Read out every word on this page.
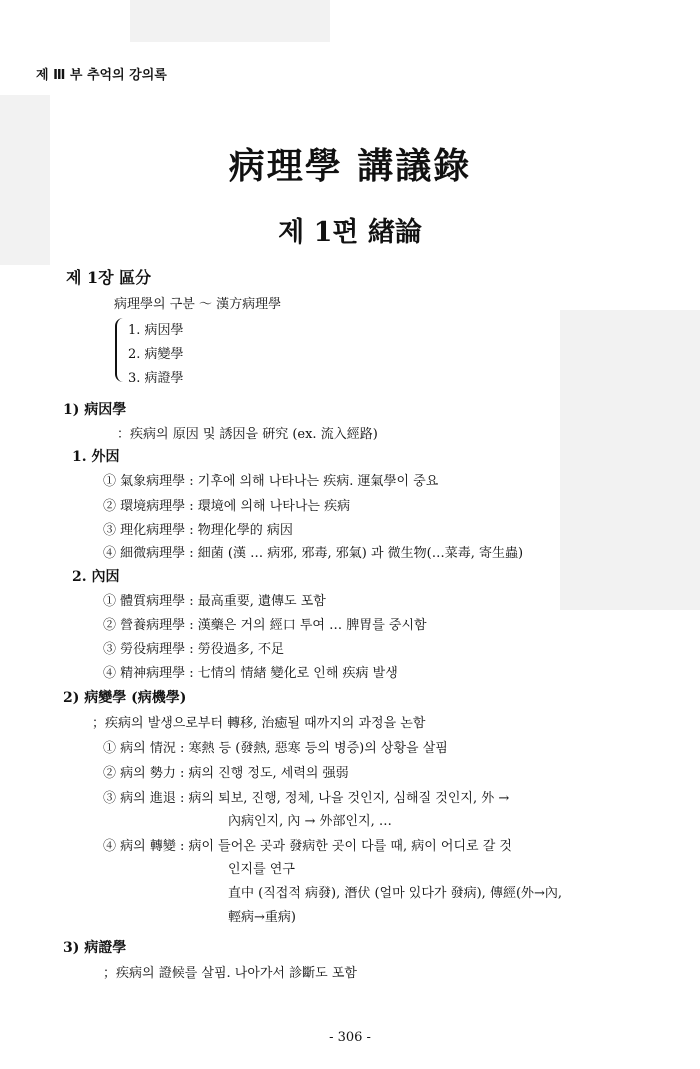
제 Ⅲ 부 추억의 강의록
病理學 講議錄
제 1편 緖論
제 1장 區分
病理學의 구분 ～ 漢方病理學
1. 病因學
2. 病變學
3. 病證學
1) 病因學
：疾病의 原因 및 誘因을 硏究 (ex. 流入經路)
1. 外因
① 氣象病理學 : 기후에 의해 나타나는 疾病. 運氣學이 중요
② 環境病理學 : 環境에 의해 나타나는 疾病
③ 理化病理學 : 物理化學的 病因
④ 細微病理學 : 細菌 (漢 … 病邪, 邪毒, 邪氣) 과 微生物(…菜毒, 寄生蟲)
2. 內因
① 體質病理學 : 最高重要, 遺傳도 포함
② 營養病理學 : 漢藥은 거의 經口 투여 … 脾胃를 중시함
③ 勞役病理學 : 勞役過多, 不足
④ 精神病理學 : 七情의 情緖 變化로 인해 疾病 발생
2) 病變學 (病機學)
；疾病의 발생으로부터 轉移, 治癒될 때까지의 과정을 논함
① 病의 情況 : 寒熱 등 (發熱, 惡寒 등의 병증)의 상황을 살핌
② 病의 勢力 : 病의 진행 정도, 세력의 强弱
③ 病의 進退 : 病의 퇴보, 진행, 정체, 나을 것인지, 심해질 것인지, 外 →
內病인지, 內 → 外部인지, …
④ 病의 轉變 : 病이 들어온 곳과 發病한 곳이 다를 때, 病이 어디로 갈 것
인지를 연구
直中 (직접적 病發), 潛伏 (얼마 있다가 發病), 傳經(外→內,
輕病→重病)
3) 病證學
；疾病의 證候를 살핌. 나아가서 診斷도 포함
- 306 -
